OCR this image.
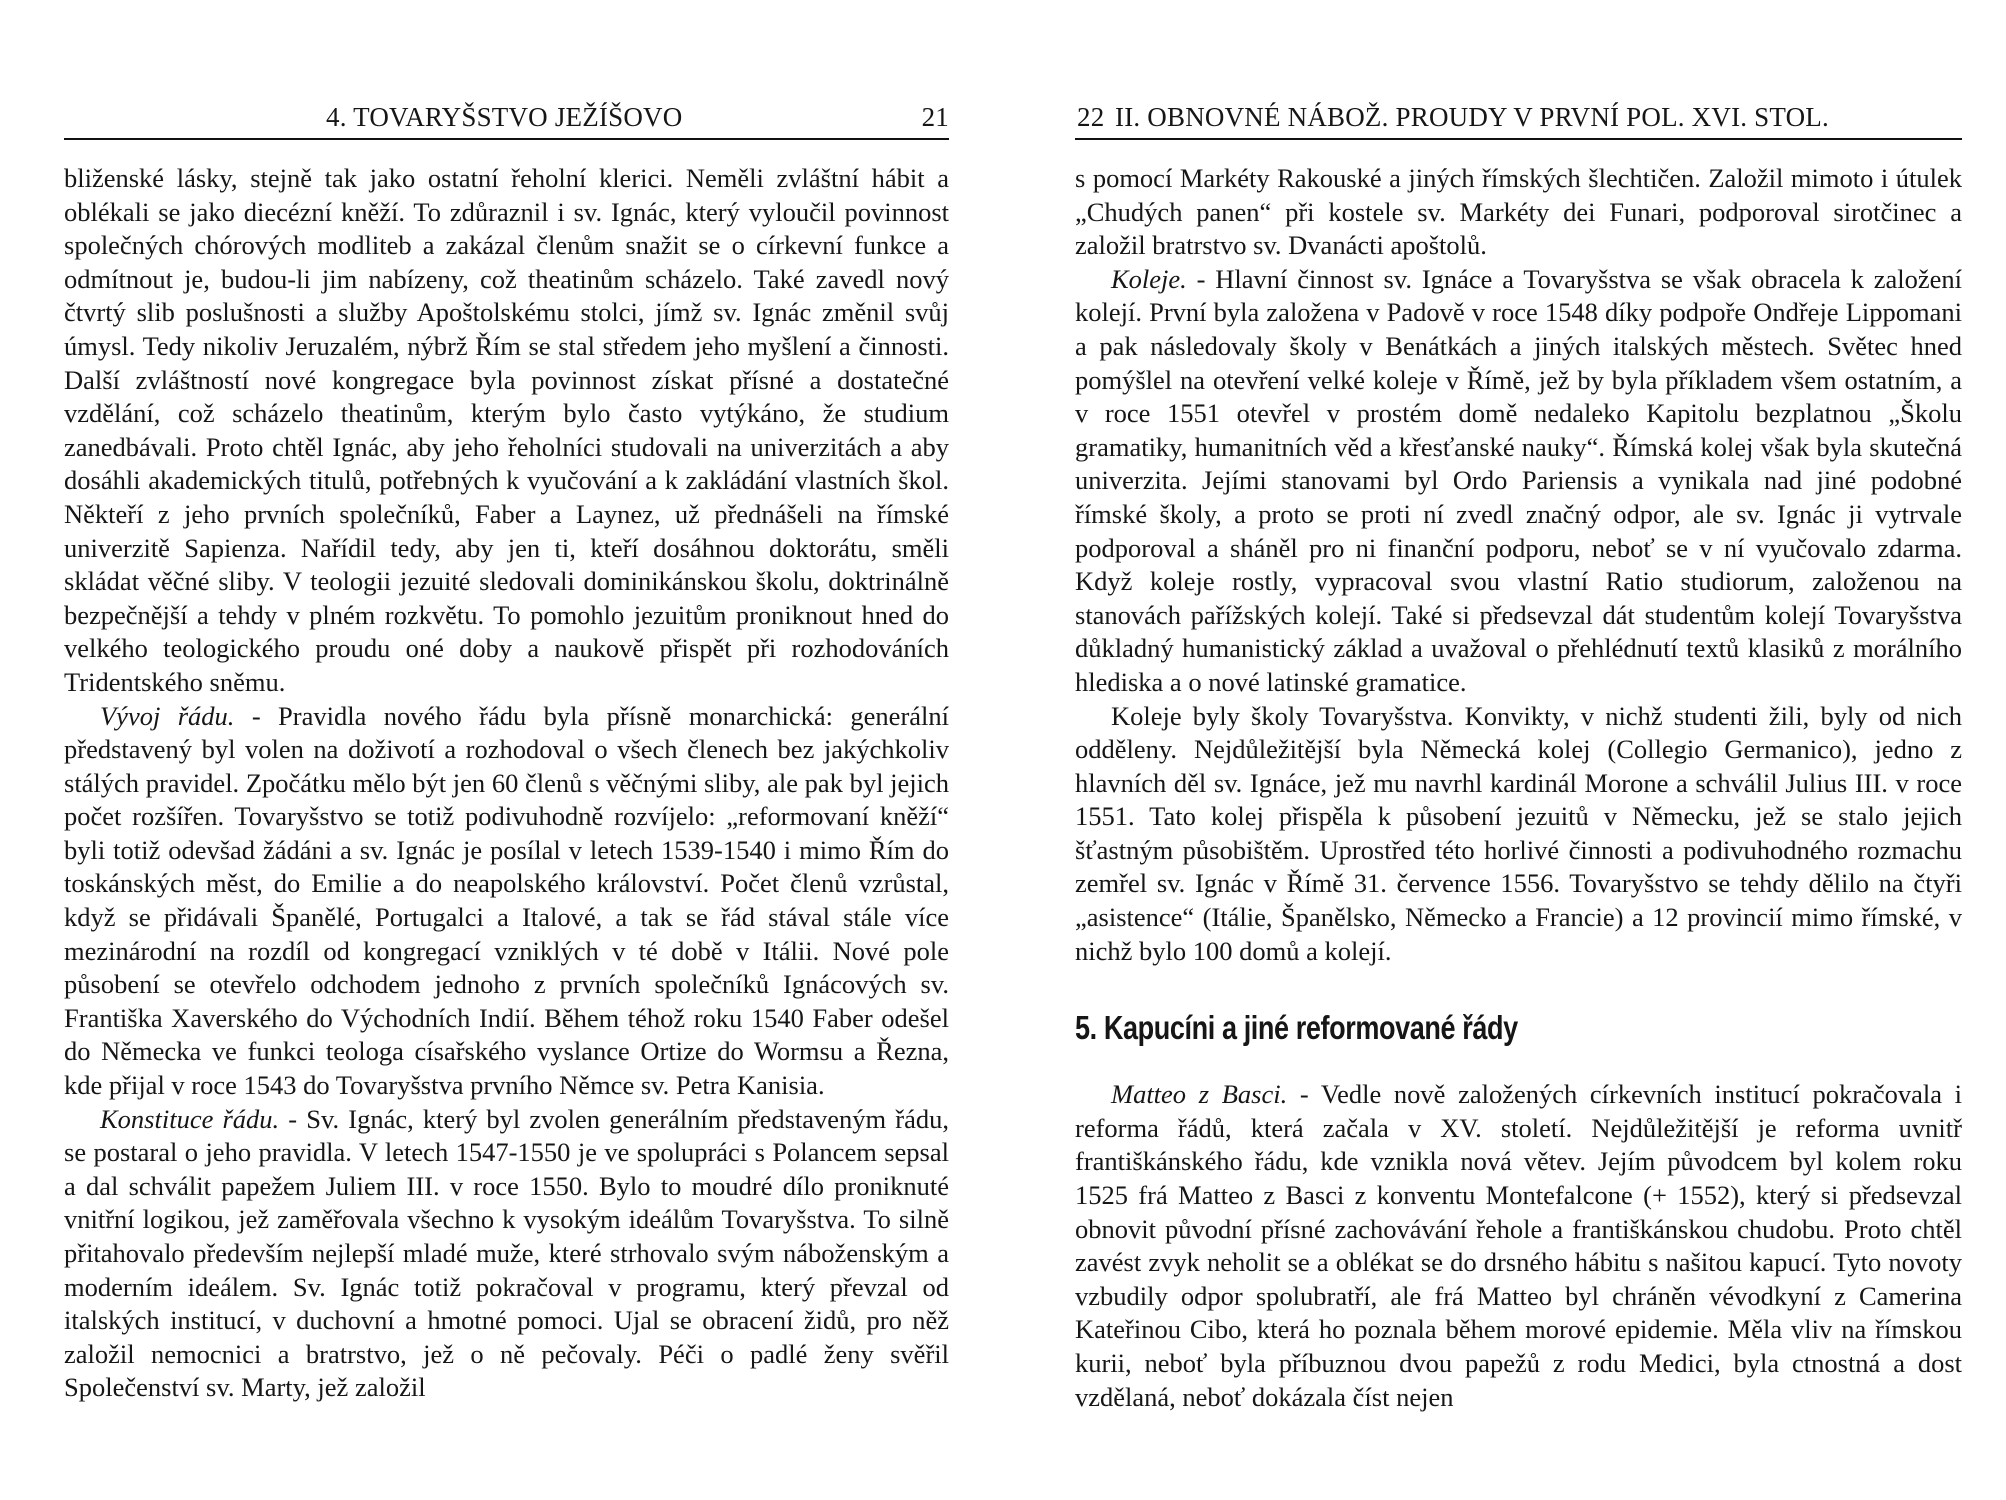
4. TOVARYŠSTVO JEŽÍŠOVO	21

bliženské lásky, stejně tak jako ostatní řeholní klerici. Neměli zvláštní hábit a oblékali se jako diecézní kněží. To zdůraznil i sv. Ignác, který vyloučil povinnost společných chórových modliteb a zakázal členům snažit se o církevní funkce a odmítnout je, budou-li jim nabízeny, což theatinům scházelo. Také zavedl nový čtvrtý slib poslušnosti a služby Apoštolskému stolci, jímž sv. Ignác změnil svůj úmysl. Tedy nikoliv Jeruzalém, nýbrž Řím se stal středem jeho myšlení a činnosti. Další zvláštností nové kongregace byla povinnost získat přísné a dostatečné vzdělání, což scházelo theatinům, kterým bylo často vytýkáno, že studium zanedbávali. Proto chtěl Ignác, aby jeho řeholníci studovali na univerzitách a aby dosáhli akademických titulů, potřebných k vyučování a k zakládání vlastních škol. Někteří z jeho prvních společníků, Faber a Laynez, už přednášeli na římské univerzitě Sapienza. Nařídil tedy, aby jen ti, kteří dosáhnou doktorátu, směli skládat věčné sliby. V teologii jezuité sledovali dominikánskou školu, doktrinálně bezpečnější a tehdy v plném rozkvětu. To pomohlo jezuitům proniknout hned do velkého teologického proudu oné doby a naukově přispět při rozhodováních Tridentského sněmu.

Vývoj řádu. - Pravidla nového řádu byla přísně monarchická: generální představený byl volen na doživotí a rozhodoval o všech členech bez jakýchkoliv stálých pravidel. Zpočátku mělo být jen 60 členů s věčnými sliby, ale pak byl jejich počet rozšířen. Tovaryšstvo se totiž podivuhodně rozvíjelo: „reformovaní kněží“ byli totiž odevšad žádáni a sv. Ignác je posílal v letech 1539-1540 i mimo Řím do toskánských měst, do Emilie a do neapolského království. Počet členů vzrůstal, když se přidávali Španělé, Portugalci a Italové, a tak se řád stával stále více mezinárodní na rozdíl od kongregací vzniklých v té době v Itálii. Nové pole působení se otevřelo odchodem jednoho z prvních společníků Ignácových sv. Františka Xaverského do Východních Indií. Během téhož roku 1540 Faber odešel do Německa ve funkci teologa císařského vyslance Ortize do Wormsu a Řezna, kde přijal v roce 1543 do Tovaryšstva prvního Němce sv. Petra Kanisia.

Konstituce řádu. - Sv. Ignác, který byl zvolen generálním představeným řádu, se postaral o jeho pravidla. V letech 1547-1550 je ve spolupráci s Polancem sepsal a dal schválit papežem Juliem III. v roce 1550. Bylo to moudré dílo proniknuté vnitřní logikou, jež zaměřovala všechno k vysokým ideálům Tovaryšstva. To silně přitahovalo především nejlepší mladé muže, které strhovalo svým náboženským a moderním ideálem. Sv. Ignác totiž pokračoval v programu, který převzal od italských institucí, v duchovní a hmotné pomoci. Ujal se obracení židů, pro něž založil nemocnici a bratrstvo, jež o ně pečovaly. Péči o padlé ženy svěřil Společenství sv. Marty, jež založil

22 II. OBNOVNÉ NÁBOŽ. PROUDY V PRVNÍ POL. XVI. STOL.

s pomocí Markéty Rakouské a jiných římských šlechtičen. Založil mimoto i útulek „Chudých panen“ při kostele sv. Markéty dei Funari, podporoval sirotčinec a založil bratrstvo sv. Dvanácti apoštolů.

Koleje. - Hlavní činnost sv. Ignáce a Tovaryšstva se však obracela k založení kolejí. První byla založena v Padově v roce 1548 díky podpoře Ondřeje Lippomani a pak následovaly školy v Benátkách a jiných italských městech. Světec hned pomýšlel na otevření velké koleje v Římě, jež by byla příkladem všem ostatním, a v roce 1551 otevřel v prostém domě nedaleko Kapitolu bezplatnou „Školu gramatiky, humanitních věd a křesťanské nauky“. Římská kolej však byla skutečná univerzita. Jejími stanovami byl Ordo Pariensis a vynikala nad jiné podobné římské školy, a proto se proti ní zvedl značný odpor, ale sv. Ignác ji vytrvale podporoval a sháněl pro ni finanční podporu, neboť se v ní vyučovalo zdarma. Když koleje rostly, vypracoval svou vlastní Ratio studiorum, založenou na stanovách pařížských kolejí. Také si předsevzal dát studentům kolejí Tovaryšstva důkladný humanistický základ a uvažoval o přehlédnutí textů klasiků z morálního hlediska a o nové latinské gramatice.

Koleje byly školy Tovaryšstva. Konvikty, v nichž studenti žili, byly od nich odděleny. Nejdůležitější byla Německá kolej (Collegio Germanico), jedno z hlavních děl sv. Ignáce, jež mu navrhl kardinál Morone a schválil Julius III. v roce 1551. Tato kolej přispěla k působení jezuitů v Německu, jež se stalo jejich šťastným působištěm. Uprostřed této horlivé činnosti a podivuhodného rozmachu zemřel sv. Ignác v Římě 31. července 1556. Tovaryšstvo se tehdy dělilo na čtyři „asistence“ (Itálie, Španělsko, Německo a Francie) a 12 provincií mimo římské, v nichž bylo 100 domů a kolejí.

5. Kapucíni a jiné reformované řády

Matteo z Basci. - Vedle nově založených církevních institucí pokračovala i reforma řádů, která začala v XV. století. Nejdůležitější je reforma uvnitř františkánského řádu, kde vznikla nová větev. Jejím původcem byl kolem roku 1525 frá Matteo z Basci z konventu Montefalcone (+ 1552), který si předsevzal obnovit původní přísné zachovávání řehole a františkánskou chudobu. Proto chtěl zavést zvyk neholit se a oblékat se do drsného hábitu s našitou kapucí. Tyto novoty vzbudily odpor spolubratří, ale frá Matteo byl chráněn vévodkyní z Camerina Kateřinou Cibo, která ho poznala během morové epidemie. Měla vliv na římskou kurii, neboť byla příbuznou dvou papežů z rodu Medici, byla ctnostná a dost vzdělaná, neboť dokázala číst nejen
